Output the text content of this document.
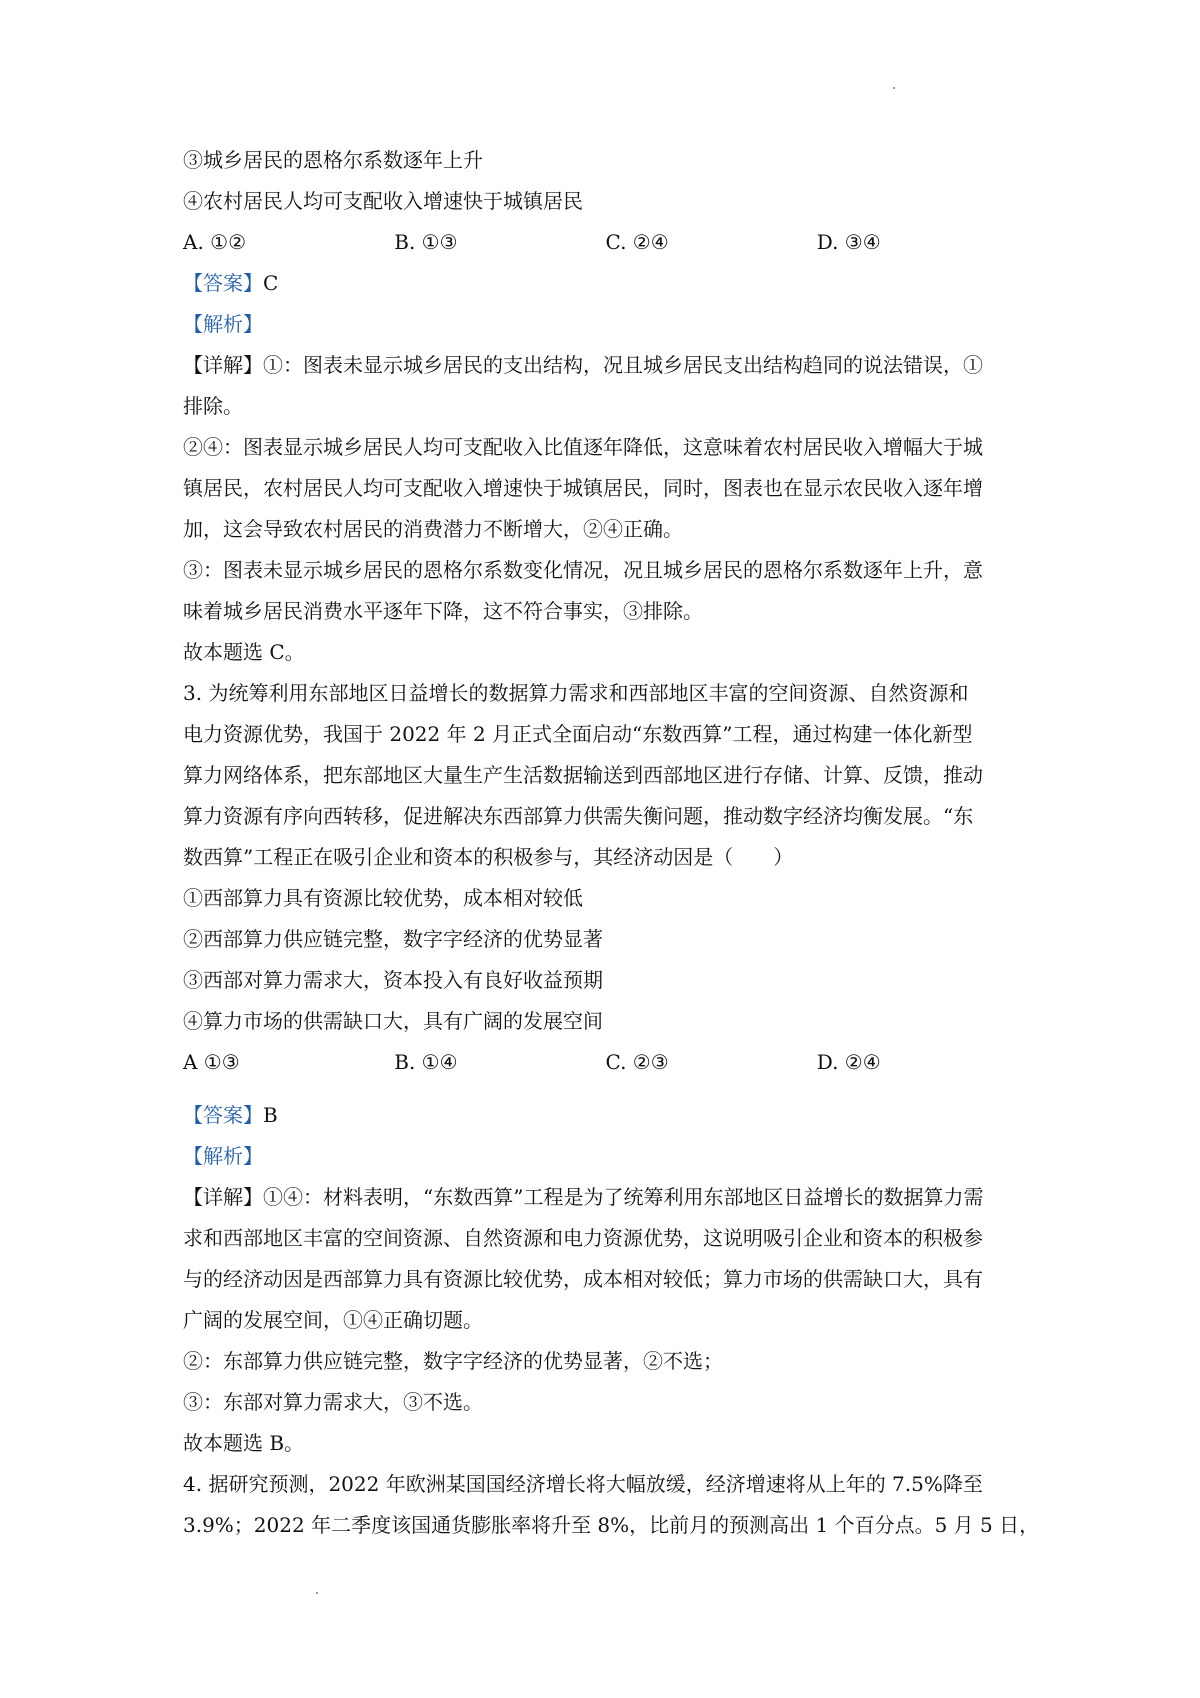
③城乡居民的恩格尔系数逐年上升
④农村居民人均可支配收入增速快于城镇居民
A. ①②	B. ①③	C. ②④	D. ③④
【答案】C
【解析】
【详解】①：图表未显示城乡居民的支出结构，况且城乡居民支出结构趋同的说法错误，①
排除。
②④：图表显示城乡居民人均可支配收入比值逐年降低，这意味着农村居民收入增幅大于城
镇居民，农村居民人均可支配收入增速快于城镇居民，同时，图表也在显示农民收入逐年增
加，这会导致农村居民的消费潜力不断增大，②④正确。
③：图表未显示城乡居民的恩格尔系数变化情况，况且城乡居民的恩格尔系数逐年上升，意
味着城乡居民消费水平逐年下降，这不符合事实，③排除。
故本题选 C。
3. 为统筹利用东部地区日益增长的数据算力需求和西部地区丰富的空间资源、自然资源和
电力资源优势，我国于 2022 年 2 月正式全面启动“东数西算”工程，通过构建一体化新型
算力网络体系，把东部地区大量生产生活数据输送到西部地区进行存储、计算、反馈，推动
算力资源有序向西转移，促进解决东西部算力供需失衡问题，推动数字经济均衡发展。“东
数西算”工程正在吸引企业和资本的积极参与，其经济动因是（　　）
①西部算力具有资源比较优势，成本相对较低
②西部算力供应链完整，数字字经济的优势显著
③西部对算力需求大，资本投入有良好收益预期
④算力市场的供需缺口大，具有广阔的发展空间
A ①③	B. ①④	C. ②③	D. ②④
【答案】B
【解析】
【详解】①④：材料表明，“东数西算”工程是为了统筹利用东部地区日益增长的数据算力需
求和西部地区丰富的空间资源、自然资源和电力资源优势，这说明吸引企业和资本的积极参
与的经济动因是西部算力具有资源比较优势，成本相对较低；算力市场的供需缺口大，具有
广阔的发展空间，①④正确切题。
②：东部算力供应链完整，数字字经济的优势显著，②不选；
③：东部对算力需求大，③不选。
故本题选 B。
4. 据研究预测，2022 年欧洲某国国经济增长将大幅放缓，经济增速将从上年的 7.5%降至
3.9%；2022 年二季度该国通货膨胀率将升至 8%，比前月的预测高出 1 个百分点。5 月 5 日，
